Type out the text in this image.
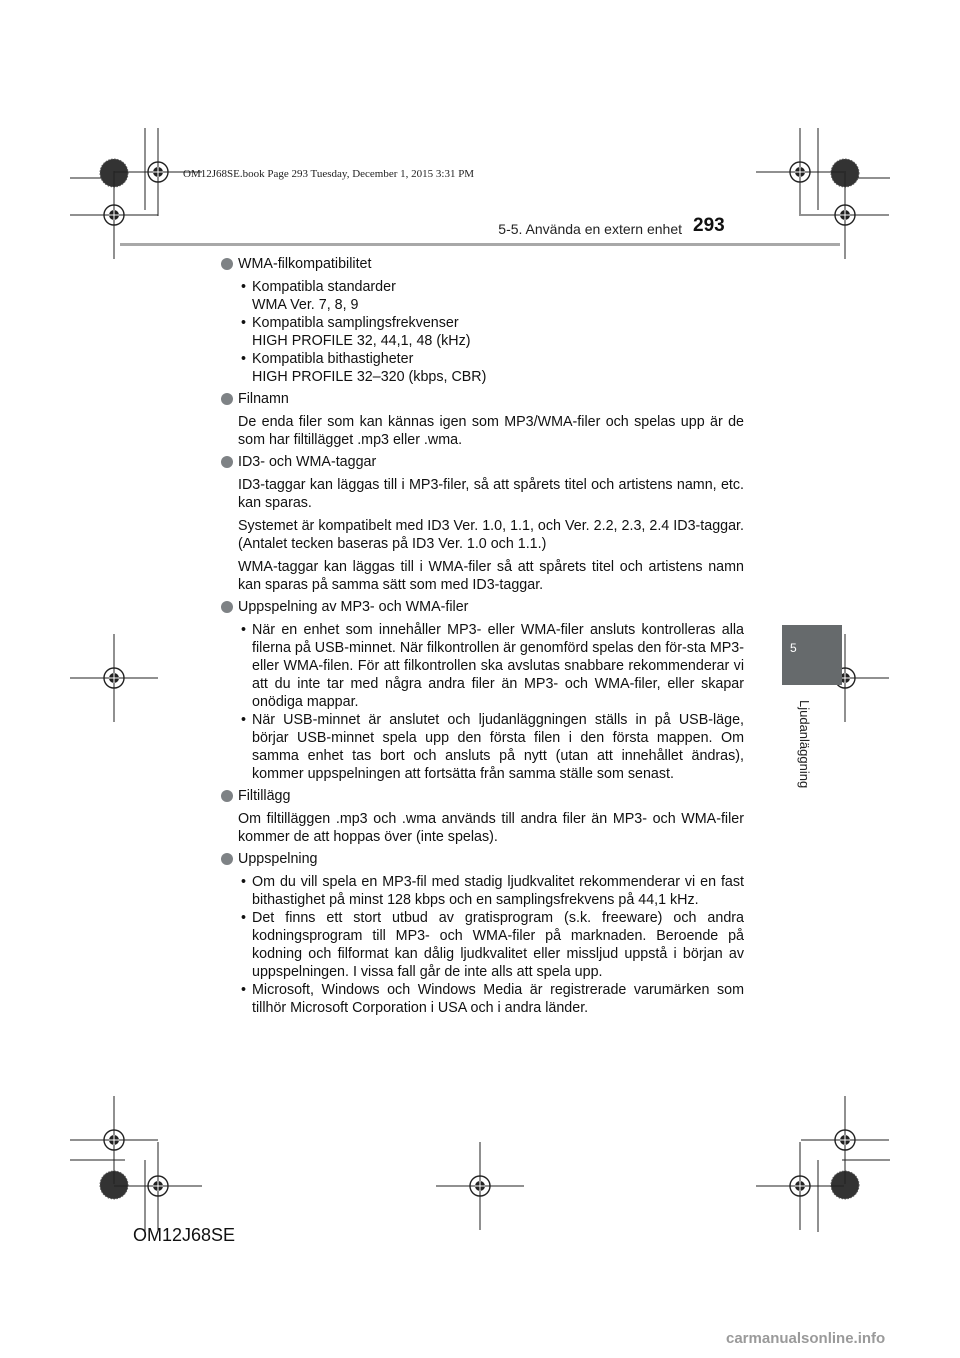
OM12J68SE.book Page 293 Tuesday, December 1, 2015 3:31 PM
5-5. Använda en extern enhet 293
5
Ljudanläggning
WMA-filkompatibilitet
• Kompatibla standarder
WMA Ver. 7, 8, 9
• Kompatibla samplingsfrekvenser
HIGH PROFILE 32, 44,1, 48 (kHz)
• Kompatibla bithastigheter
HIGH PROFILE 32–320 (kbps, CBR)
Filnamn
De enda filer som kan kännas igen som MP3/WMA-filer och spelas upp är de som har filtillägget .mp3 eller .wma.
ID3- och WMA-taggar
ID3-taggar kan läggas till i MP3-filer, så att spårets titel och artistens namn, etc. kan sparas.
Systemet är kompatibelt med ID3 Ver. 1.0, 1.1, och Ver. 2.2, 2.3, 2.4 ID3-taggar. (Antalet tecken baseras på ID3 Ver. 1.0 och 1.1.)
WMA-taggar kan läggas till i WMA-filer så att spårets titel och artistens namn kan sparas på samma sätt som med ID3-taggar.
Uppspelning av MP3- och WMA-filer
• När en enhet som innehåller MP3- eller WMA-filer ansluts kontrolleras alla filerna på USB-minnet. När filkontrollen är genomförd spelas den för-sta MP3- eller WMA-filen. För att filkontrollen ska avslutas snabbare rekommenderar vi att du inte tar med några andra filer än MP3- och WMA-filer, eller skapar onödiga mappar.
• När USB-minnet är anslutet och ljudanläggningen ställs in på USB-läge, börjar USB-minnet spela upp den första filen i den första mappen. Om samma enhet tas bort och ansluts på nytt (utan att innehållet ändras), kommer uppspelningen att fortsätta från samma ställe som senast.
Filtillägg
Om filtilläggen .mp3 och .wma används till andra filer än MP3- och WMA-filer kommer de att hoppas över (inte spelas).
Uppspelning
• Om du vill spela en MP3-fil med stadig ljudkvalitet rekommenderar vi en fast bithastighet på minst 128 kbps och en samplingsfrekvens på 44,1 kHz.
• Det finns ett stort utbud av gratisprogram (s.k. freeware) och andra kodningsprogram till MP3- och WMA-filer på marknaden. Beroende på kodning och filformat kan dålig ljudkvalitet eller missljud uppstå i början av uppspelningen. I vissa fall går de inte alls att spela upp.
• Microsoft, Windows och Windows Media är registrerade varumärken som tillhör Microsoft Corporation i USA och i andra länder.
OM12J68SE
carmanualsonline.info
